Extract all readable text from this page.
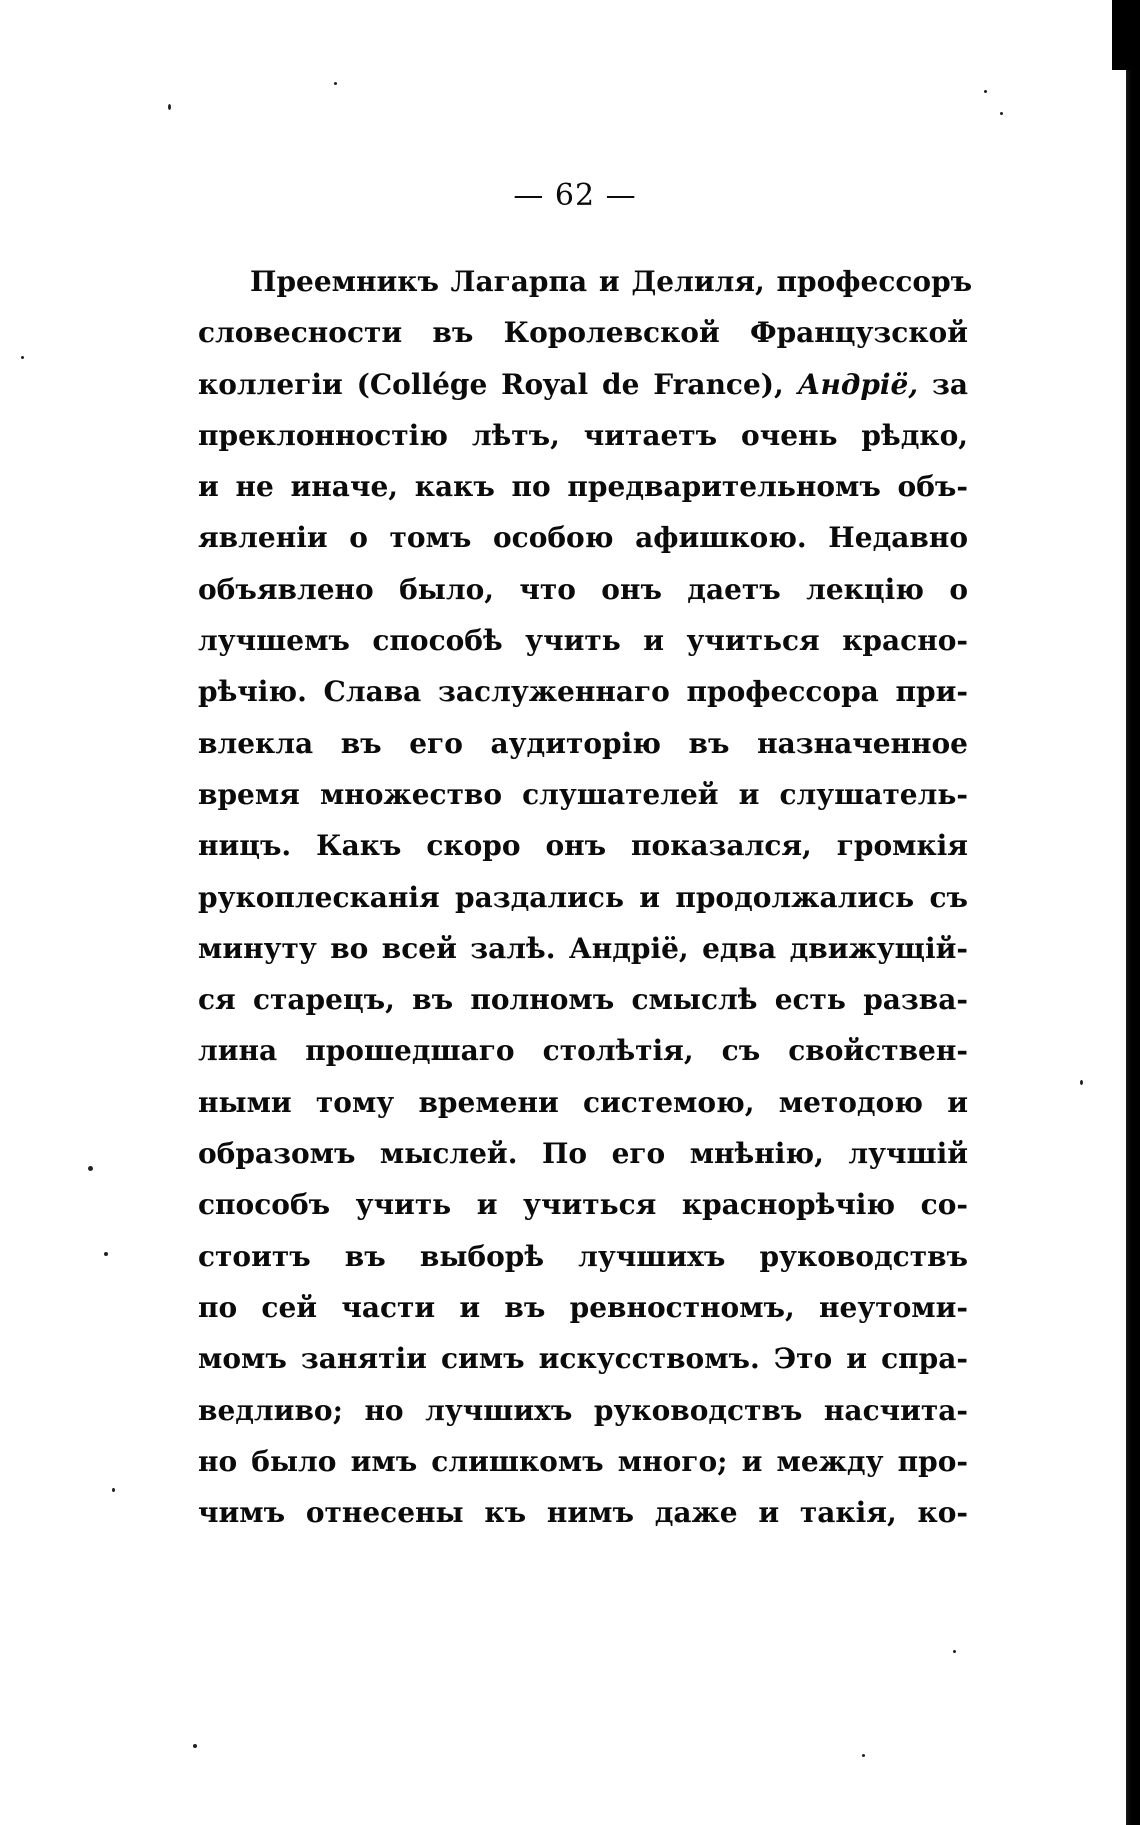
— 62 —
Преемникъ Лагарпа и Делиля, профессоръ
словесности въ Королевской Французской
коллегіи (Collége Royal de France), Андріё, за
преклонностію лѣтъ, читаетъ очень рѣдко,
и не иначе, какъ по предварительномъ объ-
явленіи о томъ особою афишкою. Недавно
объявлено было, что онъ даетъ лекцію о
лучшемъ способѣ учить и учиться красно-
рѣчію. Слава заслуженнаго профессора при-
влекла въ его аудиторію въ назначенное
время множество слушателей и слушатель-
ницъ. Какъ скоро онъ показался, громкія
рукоплесканія раздались и продолжались съ
минуту во всей залѣ. Андріё, едва движущій-
ся старецъ, въ полномъ смыслѣ есть разва-
лина прошедшаго столѣтія, съ свойствен-
ными тому времени системою, методою и
образомъ мыслей. По его мнѣнію, лучшій
способъ учить и учиться краснорѣчію со-
стоитъ въ выборѣ лучшихъ руководствъ
по сей части и въ ревностномъ, неутоми-
момъ занятіи симъ искусствомъ. Это и спра-
ведливо; но лучшихъ руководствъ насчита-
но было имъ слишкомъ много; и между про-
чимъ отнесены къ нимъ даже и такія, ко-
